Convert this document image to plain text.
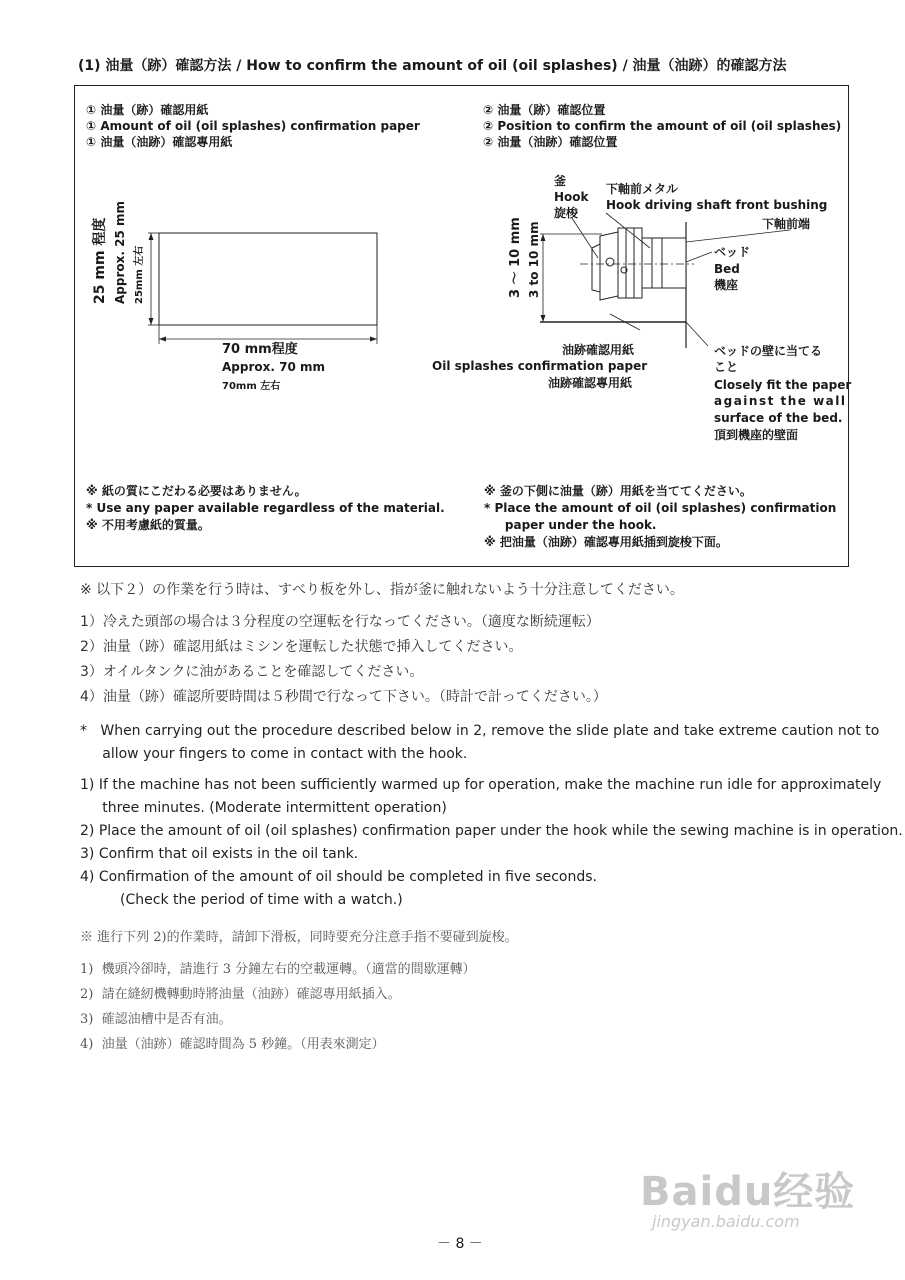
(1) 油量（跡）確認方法 / How to confirm the amount of oil (oil splashes) / 油量（油跡）的確認方法
① 油量（跡）確認用紙
① Amount of oil (oil splashes) confirmation paper
① 油量（油跡）確認專用紙
② 油量（跡）確認位置
② Position to confirm the amount of oil (oil splashes)
② 油量（油跡）確認位置
25 mm 程度 Approx. 25 mm 25mm 左右
70 mm程度
Approx. 70 mm
70mm 左右
釜
Hook
旋梭
下軸前メタル
Hook driving shaft front bushing
下軸前端
ベッド
Bed
機座
3 ～ 10 mm 3 to 10 mm
油跡確認用紙
Oil splashes confirmation paper
油跡確認專用紙
ベッドの壁に当てる
こと
Closely fit the paper
against the wall
surface of the bed.
頂到機座的壁面
※ 紙の質にこだわる必要はありません。
* Use any paper available regardless of the material.
※ 不用考慮紙的質量。
※ 釜の下側に油量（跡）用紙を当ててください。
* Place the amount of oil (oil splashes) confirmation
paper under the hook.
※ 把油量（油跡）確認專用紙插到旋梭下面。
※ 以下２）の作業を行う時は、すべり板を外し、指が釜に触れないよう十分注意してください。
1）冷えた頭部の場合は３分程度の空運転を行なってください。（適度な断続運転）
2）油量（跡）確認用紙はミシンを運転した状態で挿入してください。
3）オイルタンクに油があることを確認してください。
4）油量（跡）確認所要時間は５秒間で行なって下さい。（時計で計ってください。）
*   When carrying out the procedure described below in 2, remove the slide plate and take extreme caution not to
allow your fingers to come in contact with the hook.
1) If the machine has not been sufficiently warmed up for operation, make the machine run idle for approximately
three minutes. (Moderate intermittent operation)
2) Place the amount of oil (oil splashes) confirmation paper under the hook while the sewing machine is in operation.
3) Confirm that oil exists in the oil tank.
4) Confirmation of the amount of oil should be completed in five seconds.
(Check the period of time with a watch.)
※ 進行下列 2)的作業時，請卸下滑板，同時要充分注意手指不要碰到旋梭。
1)  機頭冷卻時，請進行 3 分鐘左右的空載運轉。（適當的間歇運轉）
2)  請在縫紉機轉動時將油量（油跡）確認專用紙插入。
3)  確認油槽中是否有油。
4)  油量（油跡）確認時間為 5 秒鐘。（用表來測定）
Baidu经验
jingyan.baidu.com
－ 8 －
